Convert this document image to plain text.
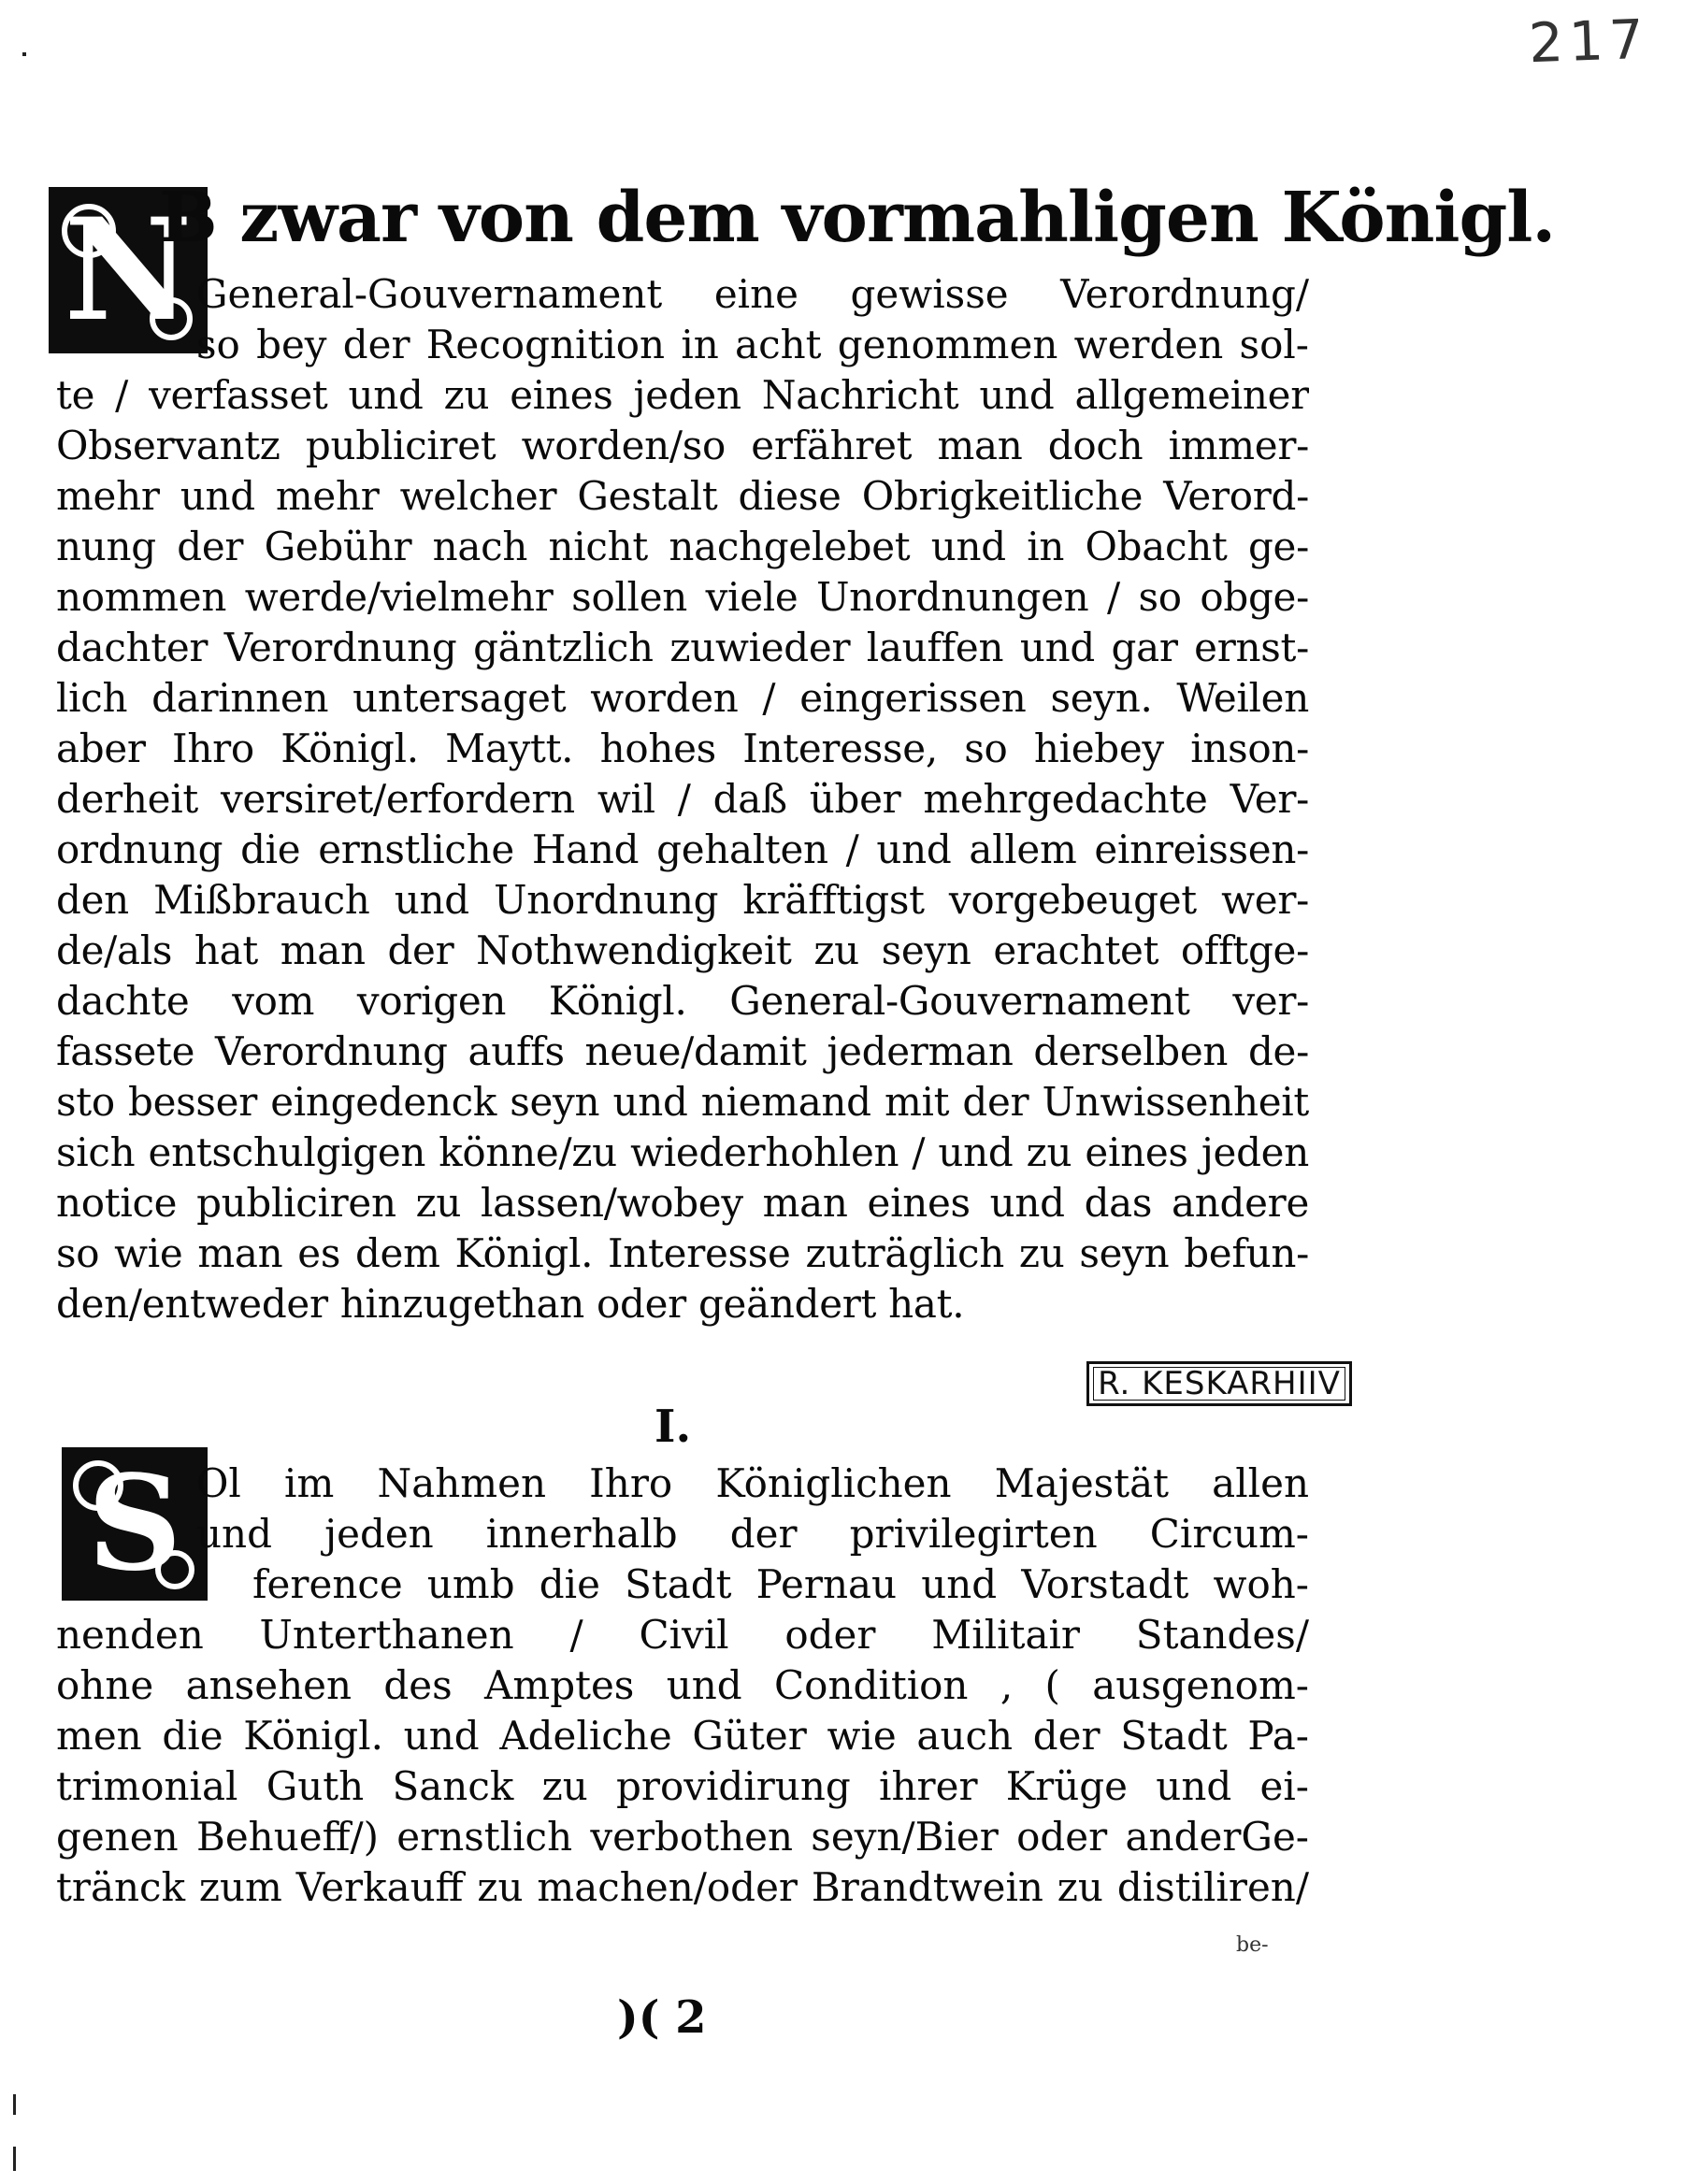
217
N
B zwar von dem vormahligen Königl.
General-Gouvernament eine gewisse Verordnung/
so bey der Recognition in acht genommen werden sol-
te / verfasset und zu eines jeden Nachricht und allgemeiner
Observantz publiciret worden/so erfähret man doch immer-
mehr und mehr welcher Gestalt diese Obrigkeitliche Verord-
nung der Gebühr nach nicht nachgelebet und in Obacht ge-
nommen werde/vielmehr sollen viele Unordnungen / so obge-
dachter Verordnung gäntzlich zuwieder lauffen und gar ernst-
lich darinnen untersaget worden / eingerissen seyn. Weilen
aber Ihro Königl. Maytt. hohes Interesse, so hiebey inson-
derheit versiret/erfordern wil / daß über mehrgedachte Ver-
ordnung die ernstliche Hand gehalten / und allem einreissen-
den Mißbrauch und Unordnung kräfftigst vorgebeuget wer-
de/als hat man der Nothwendigkeit zu seyn erachtet offtge-
dachte vom vorigen Königl. General-Gouvernament ver-
fassete Verordnung auffs neue/damit jederman derselben de-
sto besser eingedenck seyn und niemand mit der Unwissenheit
sich entschulgigen könne/zu wiederhohlen / und zu eines jeden
notice publiciren zu lassen/wobey man eines und das andere
so wie man es dem Königl. Interesse zuträglich zu seyn befun-
den/entweder hinzugethan oder geändert hat.
R. KESKARHIIV
I.
S Ol im Nahmen Ihro Königlichen Majestät allen
und jeden innerhalb der privilegirten Circum-
ference umb die Stadt Pernau und Vorstadt woh-
nenden Unterthanen / Civil oder Militair Standes/
ohne ansehen des Amptes und Condition , ( ausgenom-
men die Königl. und Adeliche Güter wie auch der Stadt Pa-
trimonial Guth Sanck zu providirung ihrer Krüge und ei-
genen Behueff/) ernstlich verbothen seyn/Bier oder anderGe-
tränck zum Verkauff zu machen/oder Brandtwein zu distiliren/
be-
)( 2
